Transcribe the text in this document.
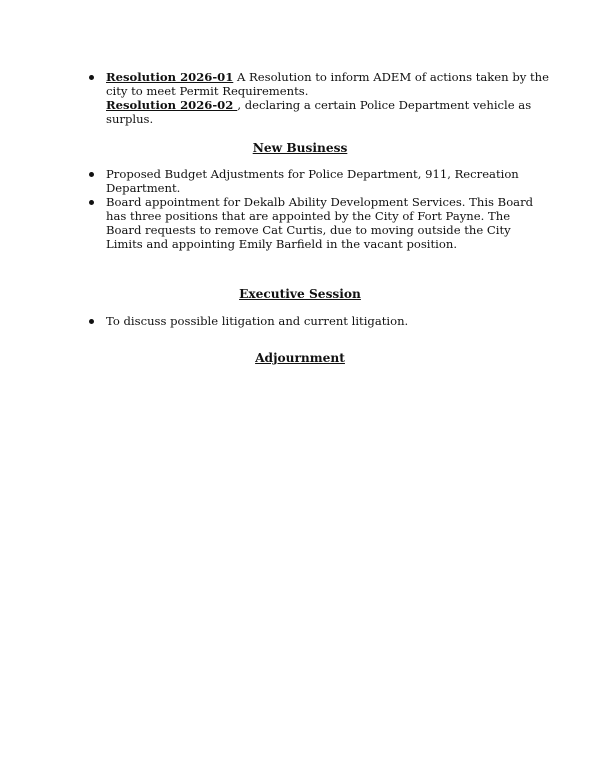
Resolution 2026-01 A Resolution to inform ADEM of actions taken by the city to meet Permit Requirements.
Resolution 2026-02 , declaring a certain Police Department vehicle as surplus.
New Business
Proposed Budget Adjustments for Police Department, 911, Recreation Department.
Board appointment for Dekalb Ability Development Services. This Board has three positions that are appointed by the City of Fort Payne. The Board requests to remove Cat Curtis, due to moving outside the City Limits and appointing Emily Barfield in the vacant position.
Executive Session
To discuss possible litigation and current litigation.
Adjournment
